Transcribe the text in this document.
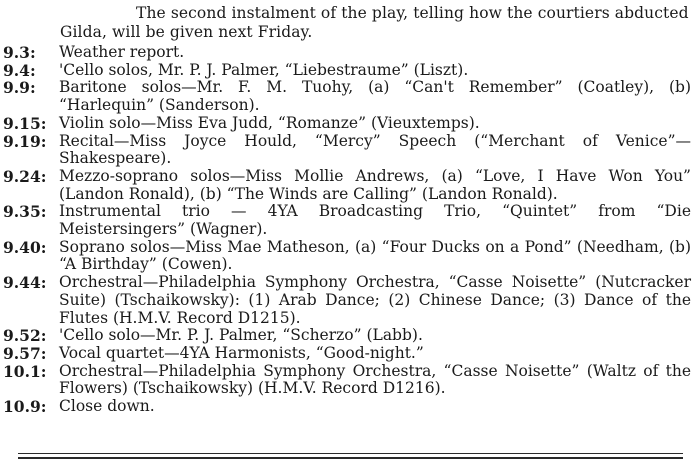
The second instalment of the play, telling how the courtiers abducted Gilda, will be given next Friday.
9.3:	Weather report.
9.4:	'Cello solos, Mr. P. J. Palmer, “Liebestraume” (Liszt).
9.9:	Baritone solos—Mr. F. M. Tuohy, (a) “Can't Remember” (Coatley), (b) “Harlequin” (Sanderson).
9.15: Violin solo—Miss Eva Judd, “Romanze” (Vieuxtemps).
9.19: Recital—Miss Joyce Hould, “Mercy” Speech (“Merchant of Venice”— Shakespeare).
9.24: Mezzo-soprano solos—Miss Mollie Andrews, (a) “Love, I Have Won You” (Landon Ronald), (b) “The Winds are Calling” (Landon Ronald).
9.35: Instrumental trio — 4YA Broadcasting Trio, “Quintet” from “Die Meistersingers” (Wagner).
9.40: Soprano solos—Miss Mae Matheson, (a) “Four Ducks on a Pond” (Needham, (b) “A Birthday” (Cowen).
9.44: Orchestral—Philadelphia Symphony Orchestra, “Casse Noisette” (Nutcracker Suite) (Tschaikowsky): (1) Arab Dance; (2) Chinese Dance; (3) Dance of the Flutes (H.M.V. Record D1215).
9.52: 'Cello solo—Mr. P. J. Palmer, “Scherzo” (Labb).
9.57: Vocal quartet—4YA Harmonists, “Good-night.”
10.1: Orchestral—Philadelphia Symphony Orchestra, “Casse Noisette” (Waltz of the Flowers) (Tschaikowsky) (H.M.V. Record D1216).
10.9: Close down.
